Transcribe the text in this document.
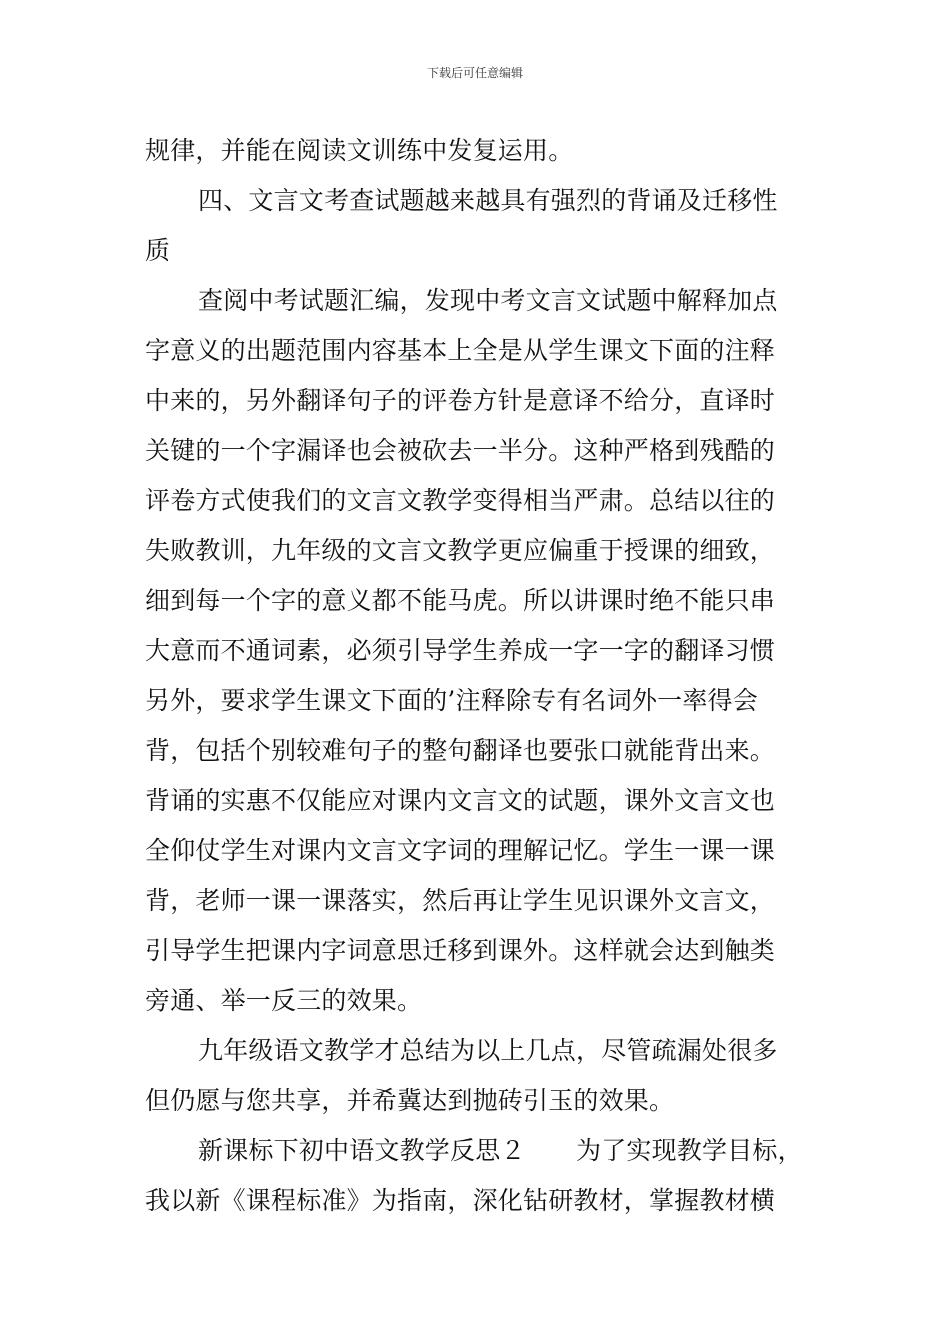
下载后可任意编辑
规律，并能在阅读文训练中发复运用。
四、文言文考查试题越来越具有强烈的背诵及迁移性
质
查阅中考试题汇编，发现中考文言文试题中解释加点
字意义的出题范围内容基本上全是从学生课文下面的注释
中来的，另外翻译句子的评卷方针是意译不给分，直译时
关键的一个字漏译也会被砍去一半分。这种严格到残酷的
评卷方式使我们的文言文教学变得相当严肃。总结以往的
失败教训，九年级的文言文教学更应偏重于授课的细致，
细到每一个字的意义都不能马虎。所以讲课时绝不能只串
大意而不通词素，必须引导学生养成一字一字的翻译习惯
另外，要求学生课文下面的’注释除专有名词外一率得会
背，包括个别较难句子的整句翻译也要张口就能背出来。
背诵的实惠不仅能应对课内文言文的试题，课外文言文也
全仰仗学生对课内文言文字词的理解记忆。学生一课一课
背，老师一课一课落实，然后再让学生见识课外文言文，
引导学生把课内字词意思迁移到课外。这样就会达到触类
旁通、举一反三的效果。
九年级语文教学才总结为以上几点，尽管疏漏处很多
但仍愿与您共享，并希冀达到抛砖引玉的效果。
新课标下初中语文教学反思２　　为了实现教学目标，
我以新《课程标准》为指南，深化钻研教材，掌握教材横
